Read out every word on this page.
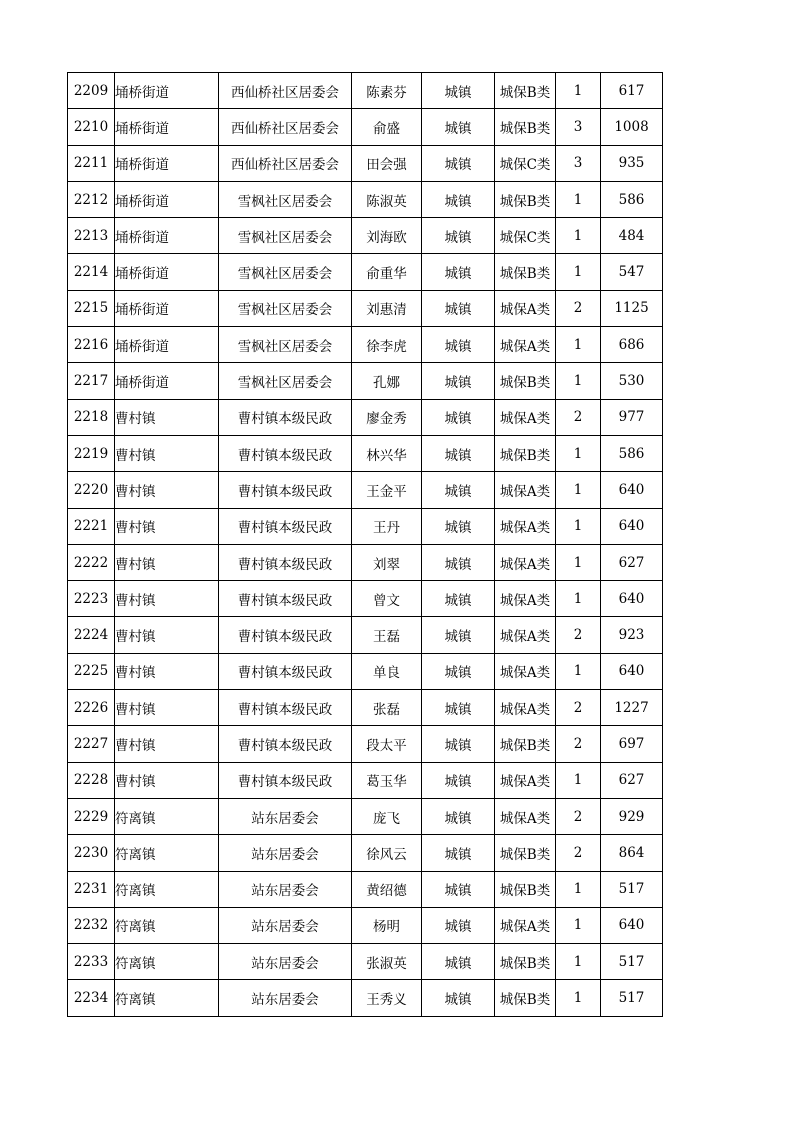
2209	埇桥街道	西仙桥社区居委会	陈素芬	城镇	城保B类	1	617
2210	埇桥街道	西仙桥社区居委会	俞盛	城镇	城保B类	3	1008
2211	埇桥街道	西仙桥社区居委会	田会强	城镇	城保C类	3	935
2212	埇桥街道	雪枫社区居委会	陈淑英	城镇	城保B类	1	586
2213	埇桥街道	雪枫社区居委会	刘海欧	城镇	城保C类	1	484
2214	埇桥街道	雪枫社区居委会	俞重华	城镇	城保B类	1	547
2215	埇桥街道	雪枫社区居委会	刘惠清	城镇	城保A类	2	1125
2216	埇桥街道	雪枫社区居委会	徐李虎	城镇	城保A类	1	686
2217	埇桥街道	雪枫社区居委会	孔娜	城镇	城保B类	1	530
2218	曹村镇	曹村镇本级民政	廖金秀	城镇	城保A类	2	977
2219	曹村镇	曹村镇本级民政	林兴华	城镇	城保B类	1	586
2220	曹村镇	曹村镇本级民政	王金平	城镇	城保A类	1	640
2221	曹村镇	曹村镇本级民政	王丹	城镇	城保A类	1	640
2222	曹村镇	曹村镇本级民政	刘翠	城镇	城保A类	1	627
2223	曹村镇	曹村镇本级民政	曾文	城镇	城保A类	1	640
2224	曹村镇	曹村镇本级民政	王磊	城镇	城保A类	2	923
2225	曹村镇	曹村镇本级民政	单良	城镇	城保A类	1	640
2226	曹村镇	曹村镇本级民政	张磊	城镇	城保A类	2	1227
2227	曹村镇	曹村镇本级民政	段太平	城镇	城保B类	2	697
2228	曹村镇	曹村镇本级民政	葛玉华	城镇	城保A类	1	627
2229	符离镇	站东居委会	庞飞	城镇	城保A类	2	929
2230	符离镇	站东居委会	徐风云	城镇	城保B类	2	864
2231	符离镇	站东居委会	黄绍德	城镇	城保B类	1	517
2232	符离镇	站东居委会	杨明	城镇	城保A类	1	640
2233	符离镇	站东居委会	张淑英	城镇	城保B类	1	517
2234	符离镇	站东居委会	王秀义	城镇	城保B类	1	517
